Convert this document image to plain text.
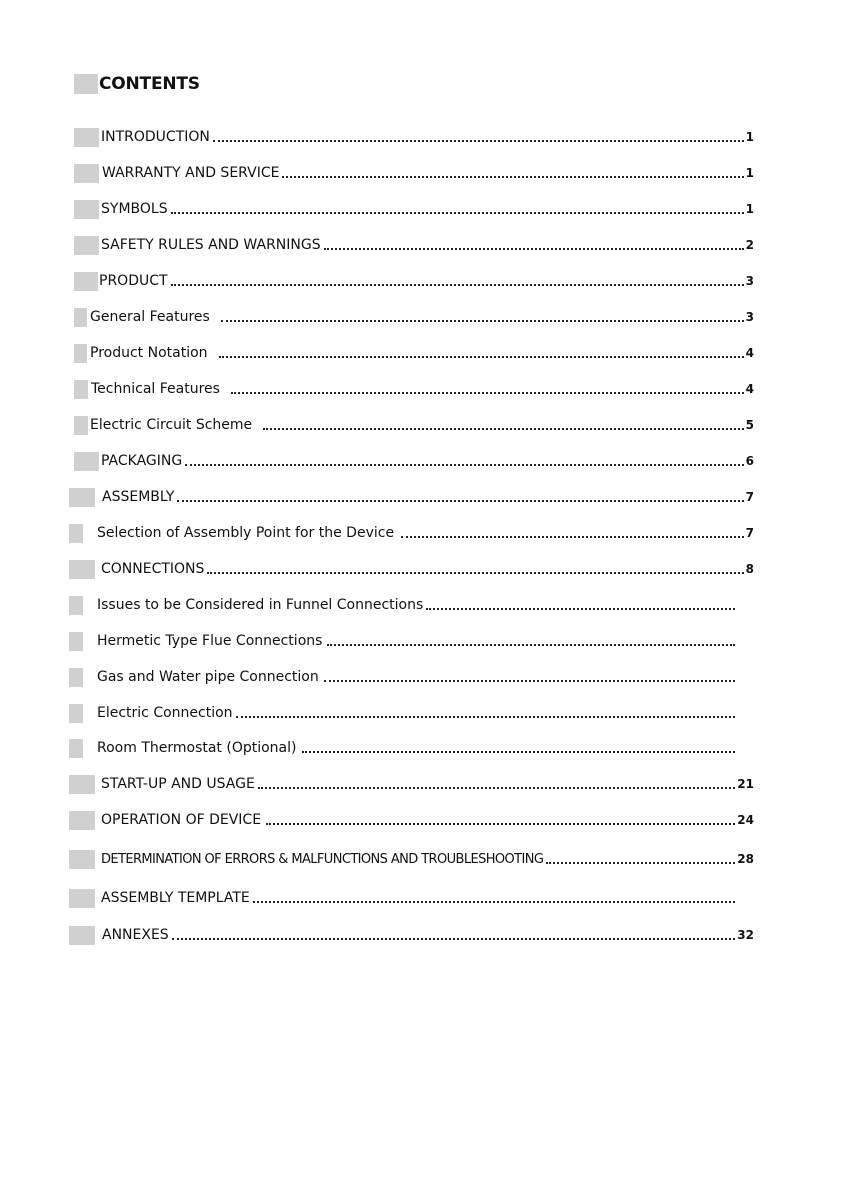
CONTENTS
INTRODUCTION	1
WARRANTY AND SERVICE	1
SYMBOLS	1
SAFETY RULES AND WARNINGS	2
PRODUCT	3
General Features	3
Product Notation	4
Technical Features	4
Electric Circuit Scheme	5
PACKAGING	6
ASSEMBLY	7
Selection of Assembly Point for the Device	7
CONNECTIONS	8
Issues to be Considered in Funnel Connections
Hermetic Type Flue Connections
Gas and Water pipe Connection
Electric Connection
Room Thermostat (Optional)
START-UP AND USAGE	21
OPERATION OF DEVICE	24
DETERMINATION OF ERRORS & MALFUNCTIONS AND TROUBLESHOOTING	28
ASSEMBLY TEMPLATE
ANNEXES	32
